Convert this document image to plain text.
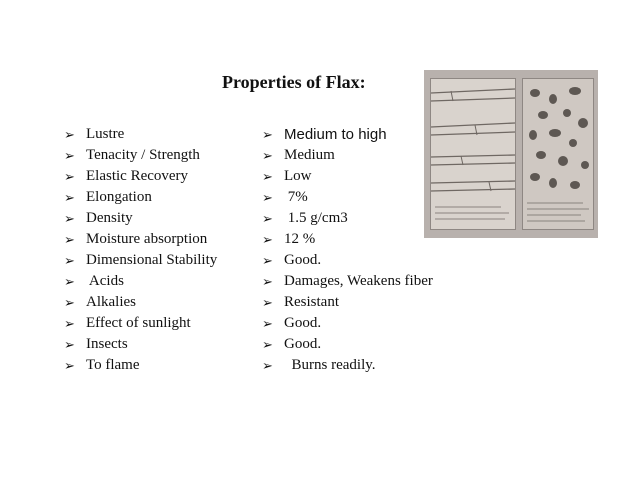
Properties of Flax:
➢ Lustre
➢ Tenacity / Strength
➢ Elastic Recovery
➢ Elongation
➢ Density
➢ Moisture absorption
➢ Dimensional Stability
➢ Acids
➢ Alkalies
➢ Effect of sunlight
➢ Insects
➢ To flame
➢ Medium to high
➢ Medium
➢ Low
➢ 7%
➢ 1.5 g/cm3
➢ 12 %
➢ Good.
➢ Damages, Weakens fiber
➢ Resistant
➢ Good.
➢ Good.
➢ Burns readily.
